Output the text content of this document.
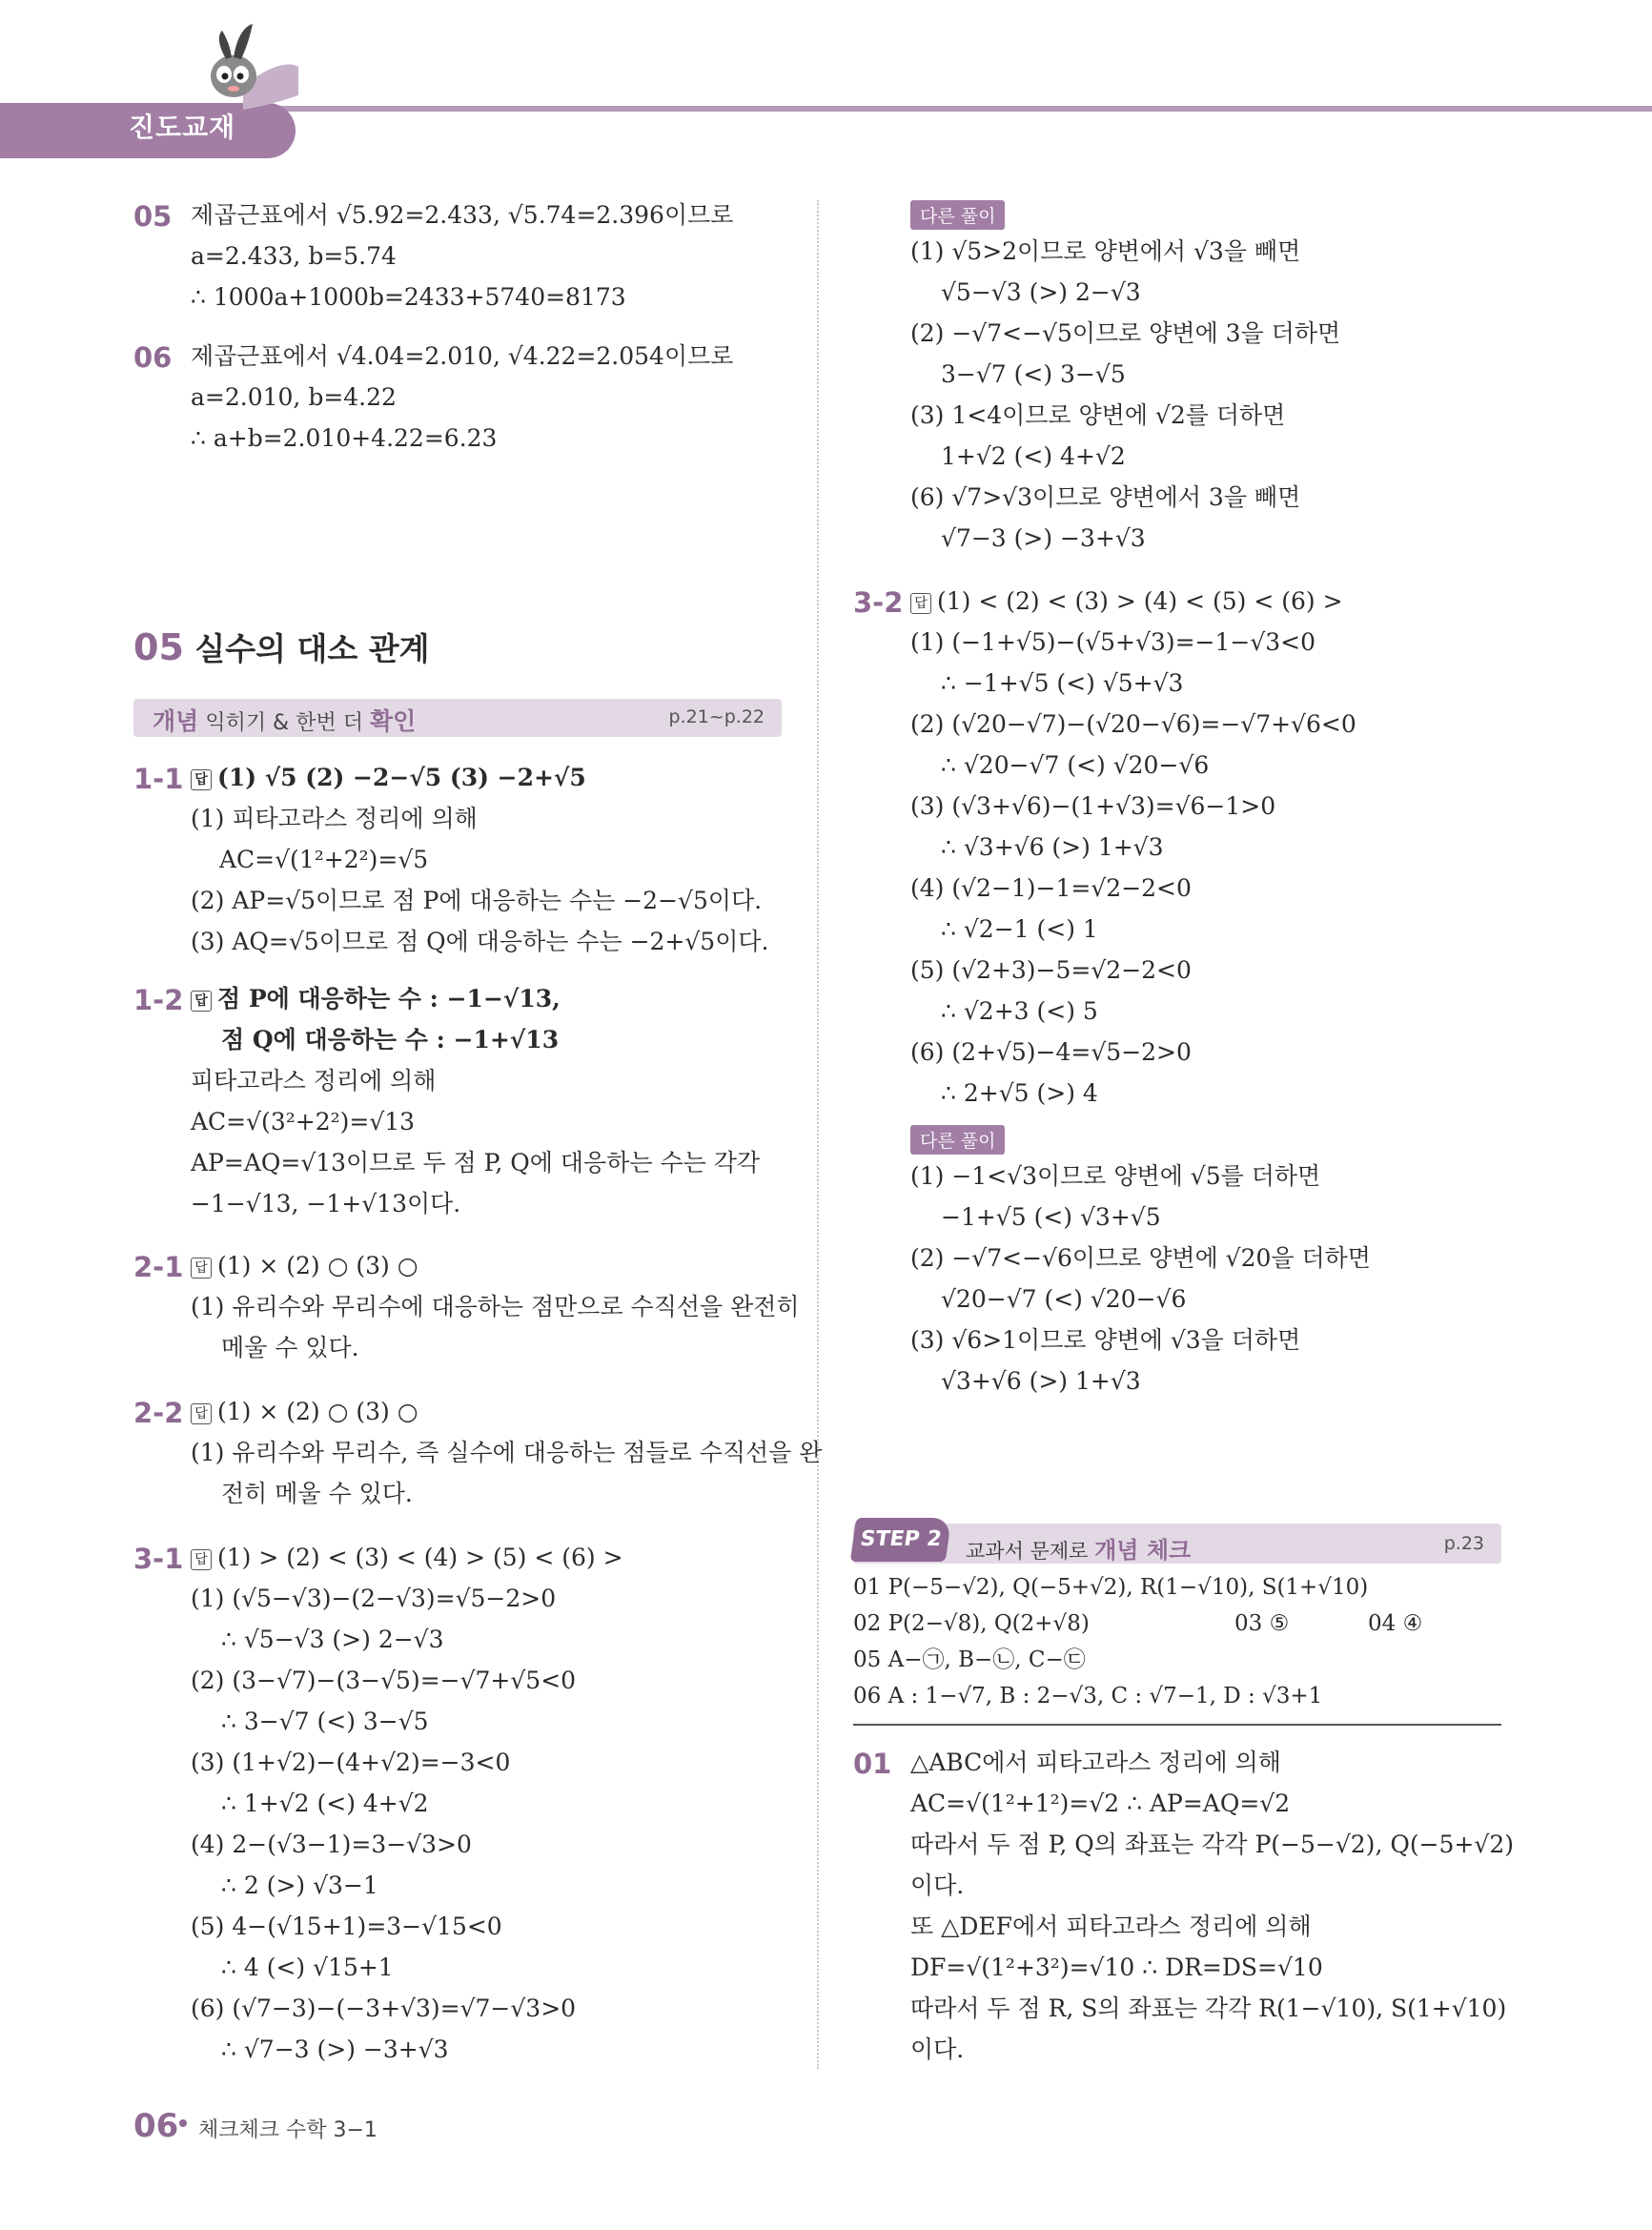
진도교재
05 제곱근표에서 √5.92=2.433, √5.74=2.396이므로
a=2.433, b=5.74
∴ 1000a+1000b=2433+5740=8173
06 제곱근표에서 √4.04=2.010, √4.22=2.054이므로
a=2.010, b=4.22
∴ a+b=2.010+4.22=6.23
05 실수의 대소 관계
개념 익히기 & 한번 더 확인	p.21~p.22
1-1 답 (1) √5 (2) −2−√5 (3) −2+√5
(1) 피타고라스 정리에 의해
AC=√(1²+2²)=√5
(2) AP=√5이므로 점 P에 대응하는 수는 −2−√5이다.
(3) AQ=√5이므로 점 Q에 대응하는 수는 −2+√5이다.
1-2 답 점 P에 대응하는 수 : −1−√13,
점 Q에 대응하는 수 : −1+√13
피타고라스 정리에 의해
AC=√(3²+2²)=√13
AP=AQ=√13이므로 두 점 P, Q에 대응하는 수는 각각
−1−√13, −1+√13이다.
2-1 답 (1) × (2) ○ (3) ○
(1) 유리수와 무리수에 대응하는 점만으로 수직선을 완전히
메울 수 있다.
2-2 답 (1) × (2) ○ (3) ○
(1) 유리수와 무리수, 즉 실수에 대응하는 점들로 수직선을 완
전히 메울 수 있다.
3-1 답 (1) > (2) < (3) < (4) > (5) < (6) >
(1) (√5−√3)−(2−√3)=√5−2>0
∴ √5−√3 (>) 2−√3
(2) (3−√7)−(3−√5)=−√7+√5<0
∴ 3−√7 (<) 3−√5
(3) (1+√2)−(4+√2)=−3<0
∴ 1+√2 (<) 4+√2
(4) 2−(√3−1)=3−√3>0
∴ 2 (>) √3−1
(5) 4−(√15+1)=3−√15<0
∴ 4 (<) √15+1
(6) (√7−3)−(−3+√3)=√7−√3>0
∴ √7−3 (>) −3+√3
다른 풀이
(1) √5>2이므로 양변에서 √3을 빼면
√5−√3 (>) 2−√3
(2) −√7<−√5이므로 양변에 3을 더하면
3−√7 (<) 3−√5
(3) 1<4이므로 양변에 √2를 더하면
1+√2 (<) 4+√2
(6) √7>√3이므로 양변에서 3을 빼면
√7−3 (>) −3+√3
3-2 답 (1) < (2) < (3) > (4) < (5) < (6) >
(1) (−1+√5)−(√5+√3)=−1−√3<0
∴ −1+√5 (<) √5+√3
(2) (√20−√7)−(√20−√6)=−√7+√6<0
∴ √20−√7 (<) √20−√6
(3) (√3+√6)−(1+√3)=√6−1>0
∴ √3+√6 (>) 1+√3
(4) (√2−1)−1=√2−2<0
∴ √2−1 (<) 1
(5) (√2+3)−5=√2−2<0
∴ √2+3 (<) 5
(6) (2+√5)−4=√5−2>0
∴ 2+√5 (>) 4
다른 풀이
(1) −1<√3이므로 양변에 √5를 더하면
−1+√5 (<) √3+√5
(2) −√7<−√6이므로 양변에 √20을 더하면
√20−√7 (<) √20−√6
(3) √6>1이므로 양변에 √3을 더하면
√3+√6 (>) 1+√3
01 P(−5−√2), Q(−5+√2), R(1−√10), S(1+√10)
02 P(2−√8), Q(2+√8)	03 ⑤	04 ④
05 A−㉠, B−㉡, C−㉢
06 A : 1−√7, B : 2−√3, C : √7−1, D : √3+1
01 △ABC에서 피타고라스 정리에 의해
AC=√(1²+1²)=√2 ∴ AP=AQ=√2
따라서 두 점 P, Q의 좌표는 각각 P(−5−√2), Q(−5+√2)
이다.
또 △DEF에서 피타고라스 정리에 의해
DF=√(1²+3²)=√10 ∴ DR=DS=√10
따라서 두 점 R, S의 좌표는 각각 R(1−√10), S(1+√10)
이다.
STEP 2	교과서 문제로 개념 체크	p.23
06 체크체크 수학 3−1
